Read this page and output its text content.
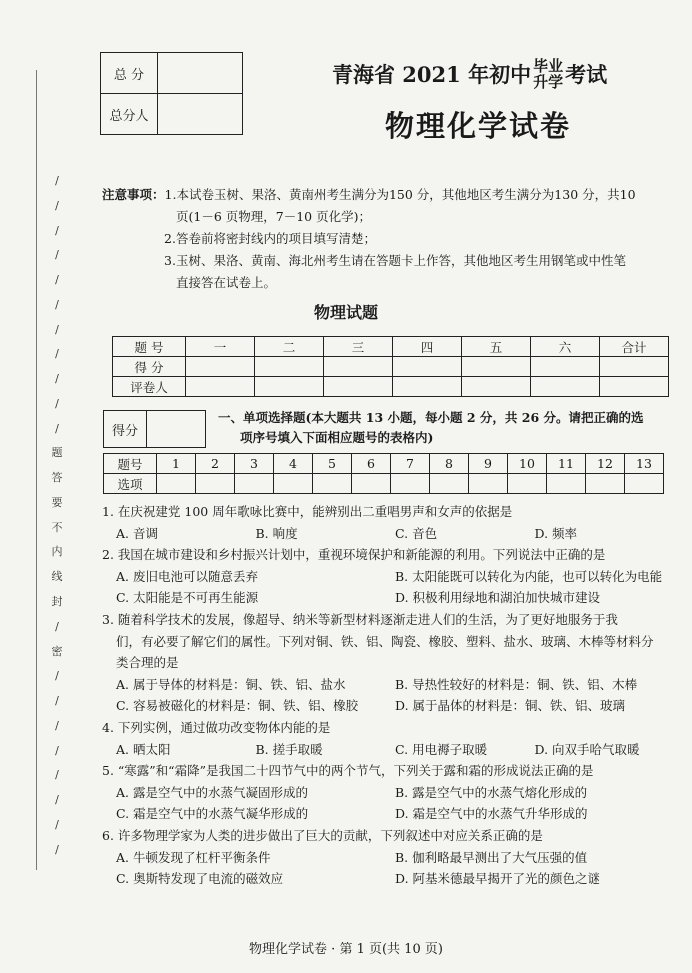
/
/
/
/
/
/
/
/
/
/
/
题
答
要
不
内
线
封
/
密
/
/
/
/
/
/
/
/
总 分	
总分人	
青海省 2021 年初中 毕业
升学 考试
物理化学试卷
注意事项： 1. 本试卷玉树、果洛、黄南州考生满分为150 分，其他地区考生满分为130 分，共10
页(1－6 页物理，7－10 页化学)；
2. 答卷前将密封线内的项目填写清楚；
3. 玉树、果洛、黄南、海北州考生请在答题卡上作答，其他地区考生用钢笔或中性笔
直接答在试卷上。
物理试题
题 号	一	二	三	四	五	六	合计
得 分							
评卷人							
得分	
一、单项选择题(本大题共 13 小题，每小题 2 分，共 26 分。请把正确的选
项序号填入下面相应题号的表格内)
题号	1	2	3	4	5	6	7	8	9	10	11	12	13
选项													
1. 在庆祝建党 100 周年歌咏比赛中，能辨别出二重唱男声和女声的依据是
A. 音调	B. 响度	C. 音色	D. 频率
2. 我国在城市建设和乡村振兴计划中，重视环境保护和新能源的利用。下列说法中正确的是
A. 废旧电池可以随意丢弃	B. 太阳能既可以转化为内能，也可以转化为电能
C. 太阳能是不可再生能源	D. 积极利用绿地和湖泊加快城市建设
3. 随着科学技术的发展，像超导、纳米等新型材料逐渐走进人们的生活，为了更好地服务于我
们，有必要了解它们的属性。下列对铜、铁、铝、陶瓷、橡胶、塑料、盐水、玻璃、木棒等材料分
类合理的是
A. 属于导体的材料是：铜、铁、铝、盐水	B. 导热性较好的材料是：铜、铁、铝、木棒
C. 容易被磁化的材料是：铜、铁、铝、橡胶	D. 属于晶体的材料是：铜、铁、铝、玻璃
4. 下列实例，通过做功改变物体内能的是
A. 晒太阳	B. 搓手取暖	C. 用电褥子取暖	D. 向双手哈气取暖
5. “寒露”和“霜降”是我国二十四节气中的两个节气，下列关于露和霜的形成说法正确的是
A. 露是空气中的水蒸气凝固形成的	B. 露是空气中的水蒸气熔化形成的
C. 霜是空气中的水蒸气凝华形成的	D. 霜是空气中的水蒸气升华形成的
6. 许多物理学家为人类的进步做出了巨大的贡献，下列叙述中对应关系正确的是
A. 牛顿发现了杠杆平衡条件	B. 伽利略最早测出了大气压强的值
C. 奥斯特发现了电流的磁效应	D. 阿基米德最早揭开了光的颜色之谜
物理化学试卷 · 第 1 页(共 10 页)
